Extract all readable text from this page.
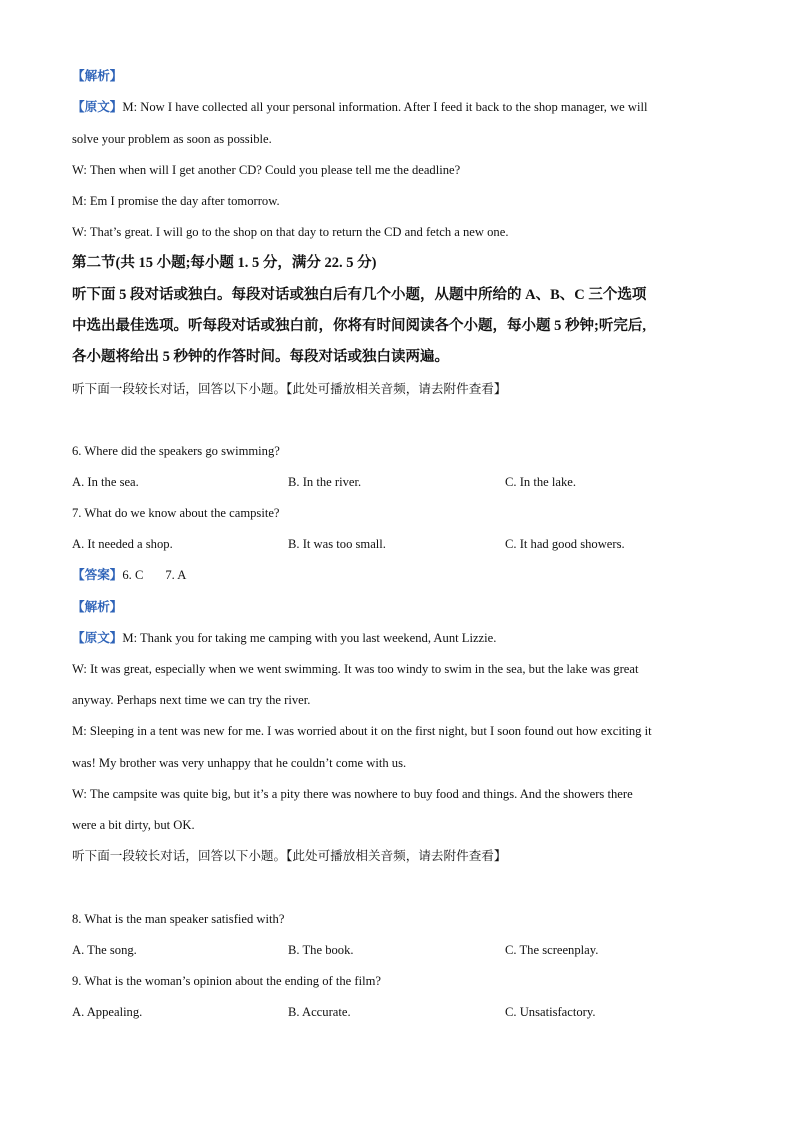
【解析】
【原文】M: Now I have collected all your personal information. After I feed it back to the shop manager, we will
solve your problem as soon as possible.
W: Then when will I get another CD? Could you please tell me the deadline?
M: Em I promise the day after tomorrow.
W: That’s great. I will go to the shop on that day to return the CD and fetch a new one.
第二节(共 15 小题;每小题 1. 5 分，满分 22. 5 分)
听下面 5 段对话或独白。每段对话或独白后有几个小题，从题中所给的 A、B、C 三个选项
中选出最佳选项。听每段对话或独白前，你将有时间阅读各个小题，每小题 5 秒钟;听完后,
各小题将给出 5 秒钟的作答时间。每段对话或独白读两遍。
听下面一段较长对话，回答以下小题。【此处可播放相关音频，请去附件查看】
6. Where did the speakers go swimming?
A. In the sea.	B. In the river.	C. In the lake.
7. What do we know about the campsite?
A. It needed a shop.	B. It was too small.	C. It had good showers.
【答案】6. C 7. A
【解析】
【原文】M: Thank you for taking me camping with you last weekend, Aunt Lizzie.
W: It was great, especially when we went swimming. It was too windy to swim in the sea, but the lake was great
anyway. Perhaps next time we can try the river.
M: Sleeping in a tent was new for me. I was worried about it on the first night, but I soon found out how exciting it
was! My brother was very unhappy that he couldn’t come with us.
W: The campsite was quite big, but it’s a pity there was nowhere to buy food and things. And the showers there
were a bit dirty, but OK.
听下面一段较长对话，回答以下小题。【此处可播放相关音频，请去附件查看】
8. What is the man speaker satisfied with?
A. The song.	B. The book.	C. The screenplay.
9. What is the woman’s opinion about the ending of the film?
A. Appealing.	B. Accurate.	C. Unsatisfactory.
